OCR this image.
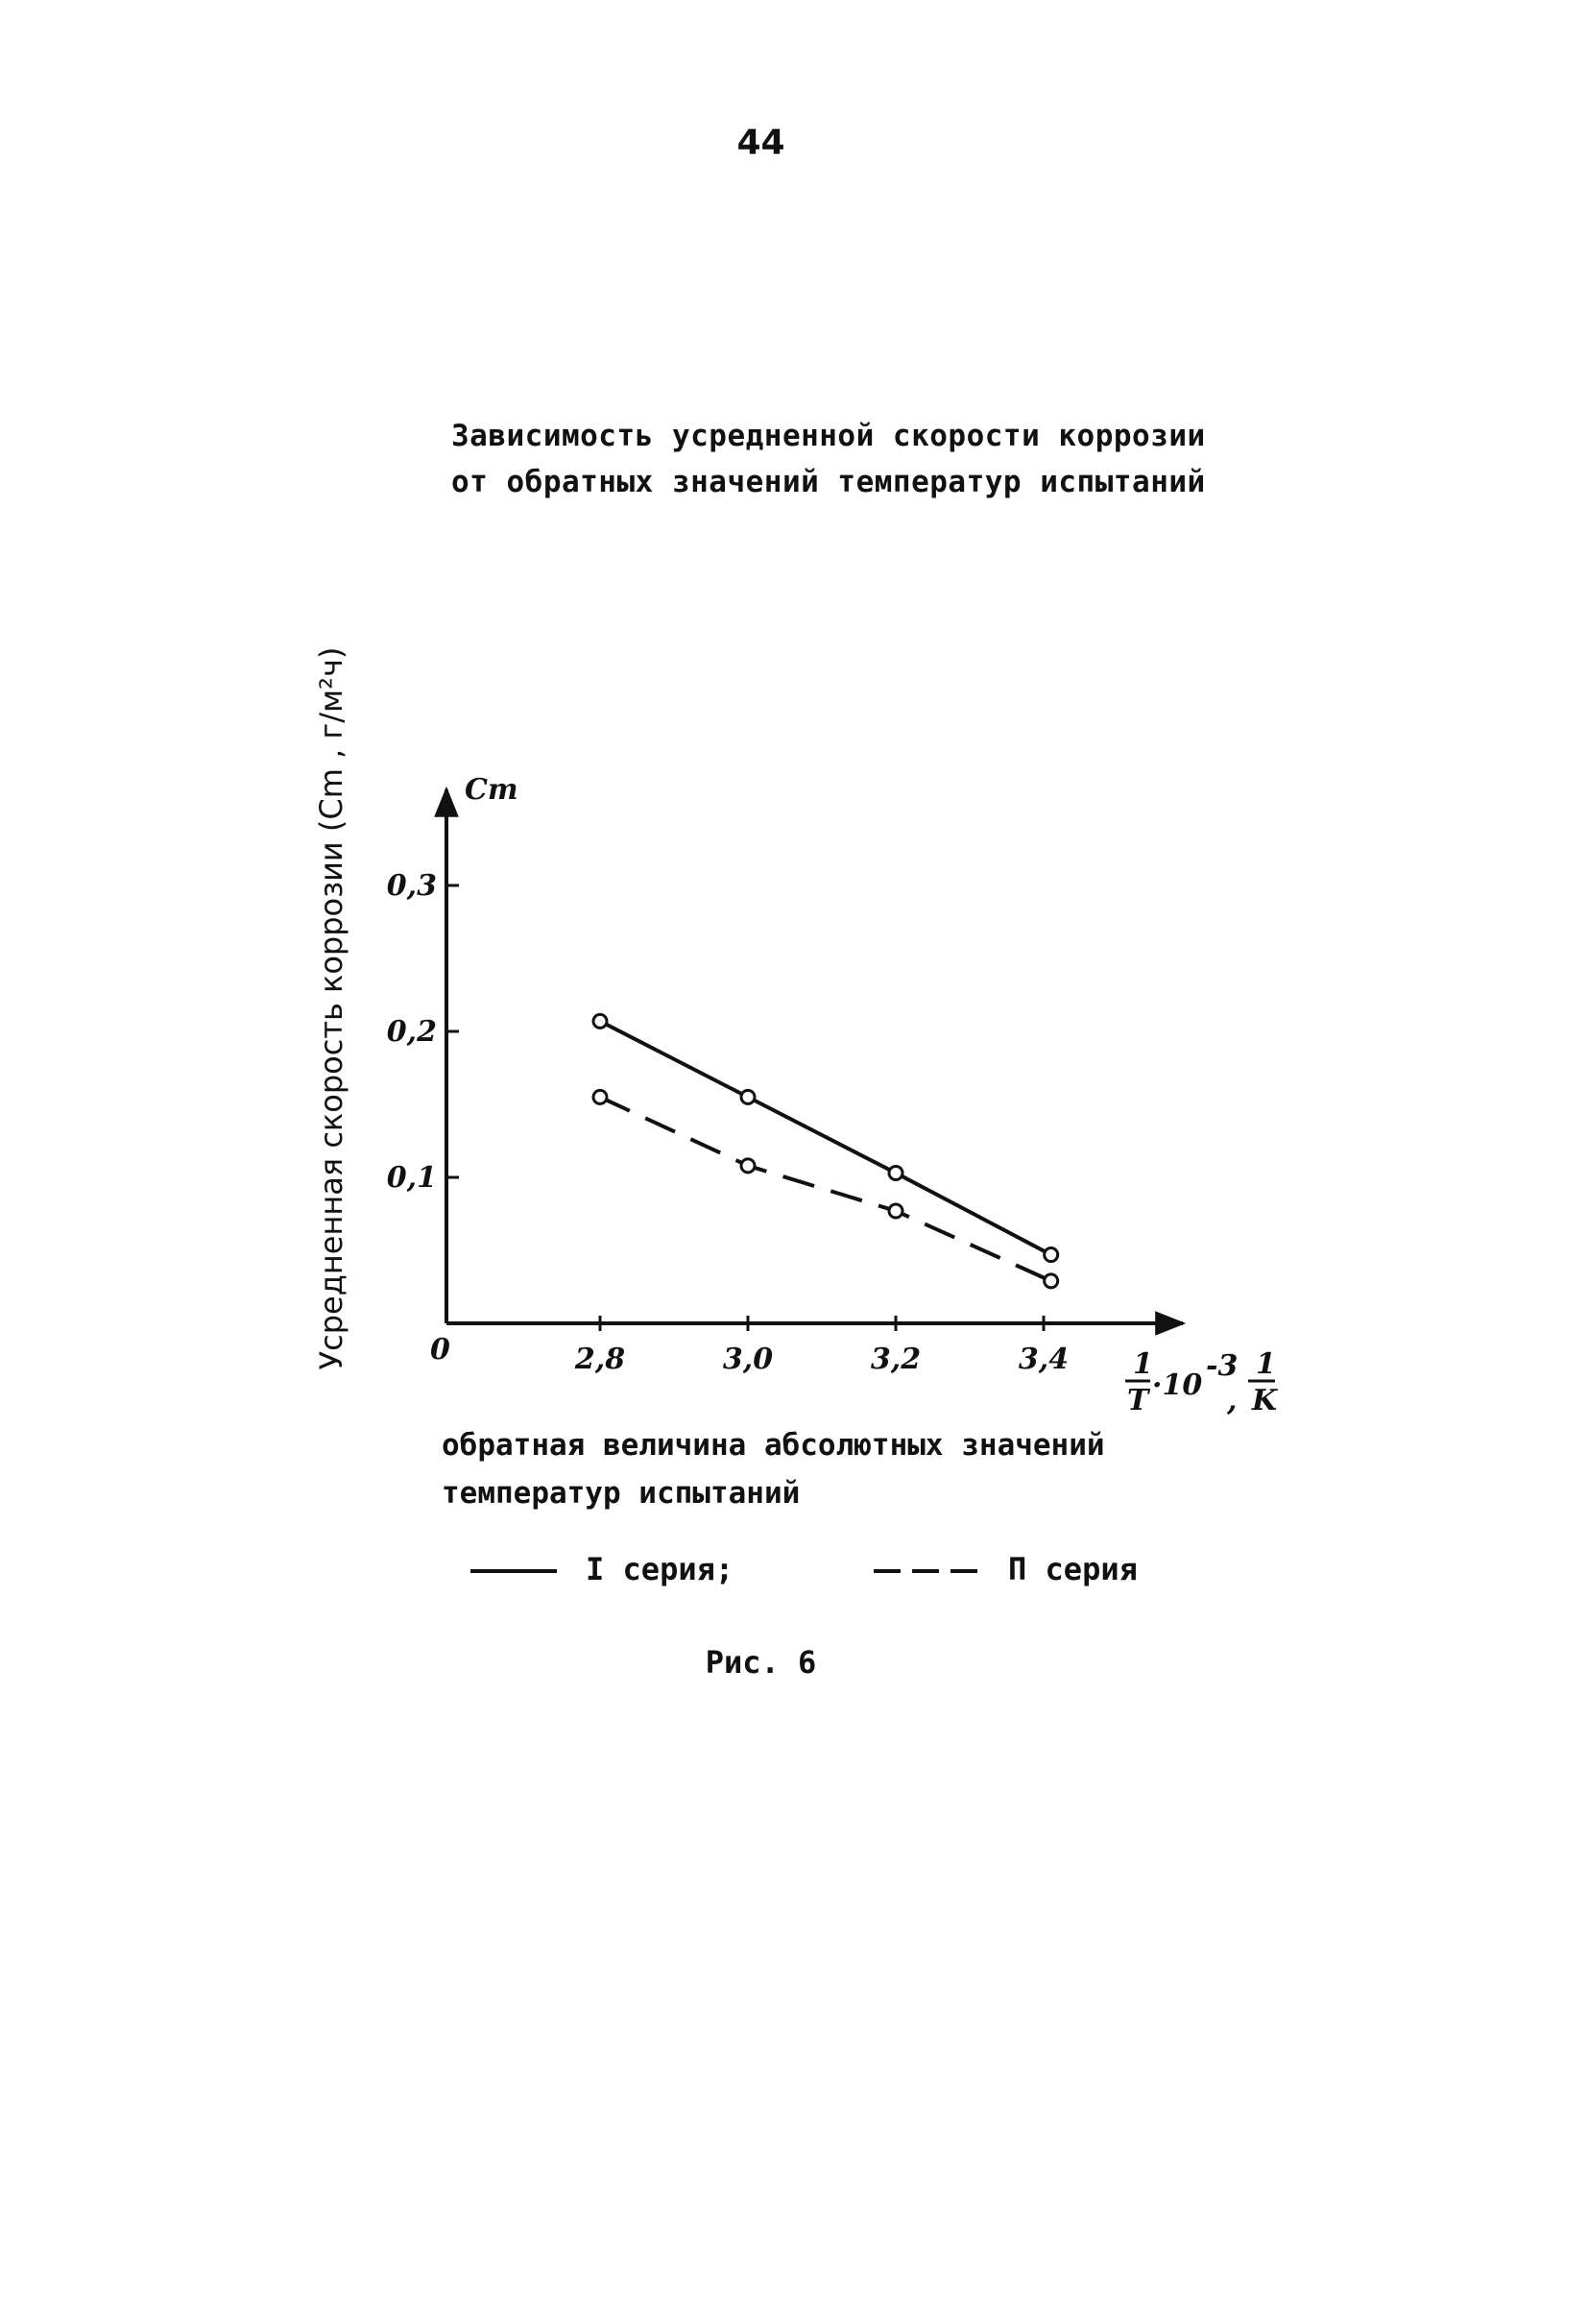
44
Зависимость усредненной скорости коррозии
от обратных значений температур испытаний
Усредненная скорость коррозии (Cm , г/м²ч)	2,8	3,0	3,2	3,4
0,1
0,2
0,3
Cm
0	1
T ·10
-3
,
1
K
обратная величина абсолютных значений
температур испытаний
I серия;	П серия
Рис. 6
